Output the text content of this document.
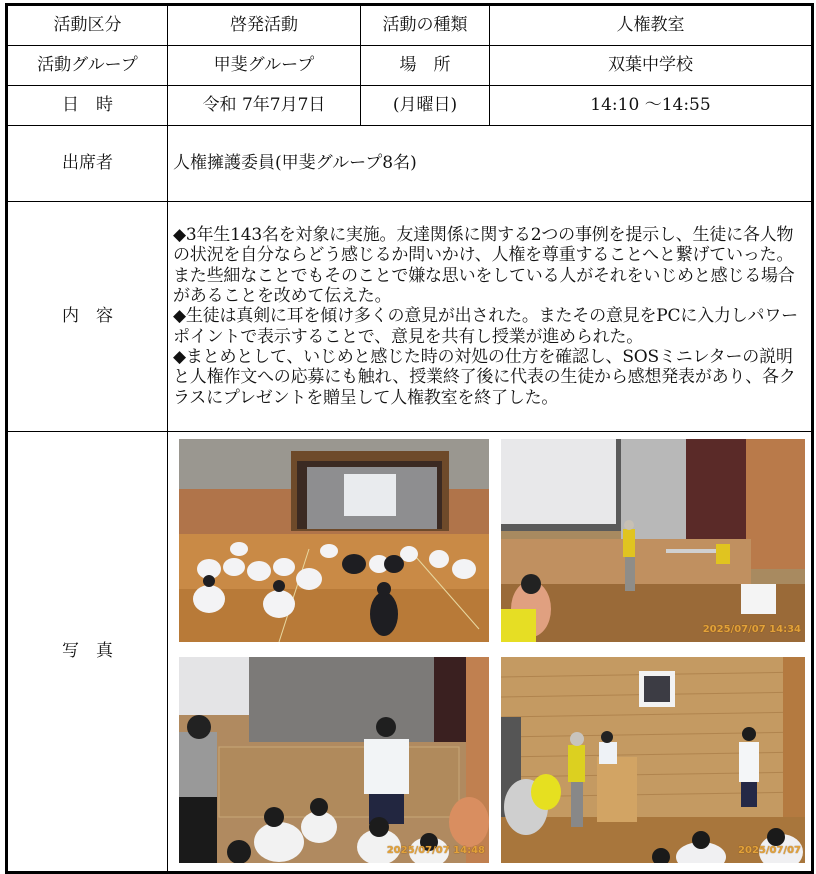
活動区分	啓発活動	活動の種類	人権教室
活動グループ	甲斐グループ	場　所	双葉中学校
日　時	令和 7年7月7日	(月曜日)	14:10 ～14:55
出席者	人権擁護委員(甲斐グループ8名)		
内　容	◆3年生143名を対象に実施。友達関係に関する2つの事例を提示し、生徒に各人物の状況を自分ならどう感じるか問いかけ、人権を尊重することへと繋げていった。また些細なことでもそのことで嫌な思いをしている人がそれをいじめと感じる場合があることを改めて伝えた。

◆生徒は真剣に耳を傾け多くの意見が出された。またその意見をPCに入力しパワーポイントで表示することで、意見を共有し授業が進められた。

◆まとめとして、いじめと感じた時の対処の仕方を確認し、SOSミニレターの説明と人権作文への応募にも触れ、授業終了後に代表の生徒から感想発表があり、各クラスにプレゼントを贈呈して人権教室を終了した。		

写　真	2025/07/07 14:34
2025/07/07 14:48 2025/07/07		
